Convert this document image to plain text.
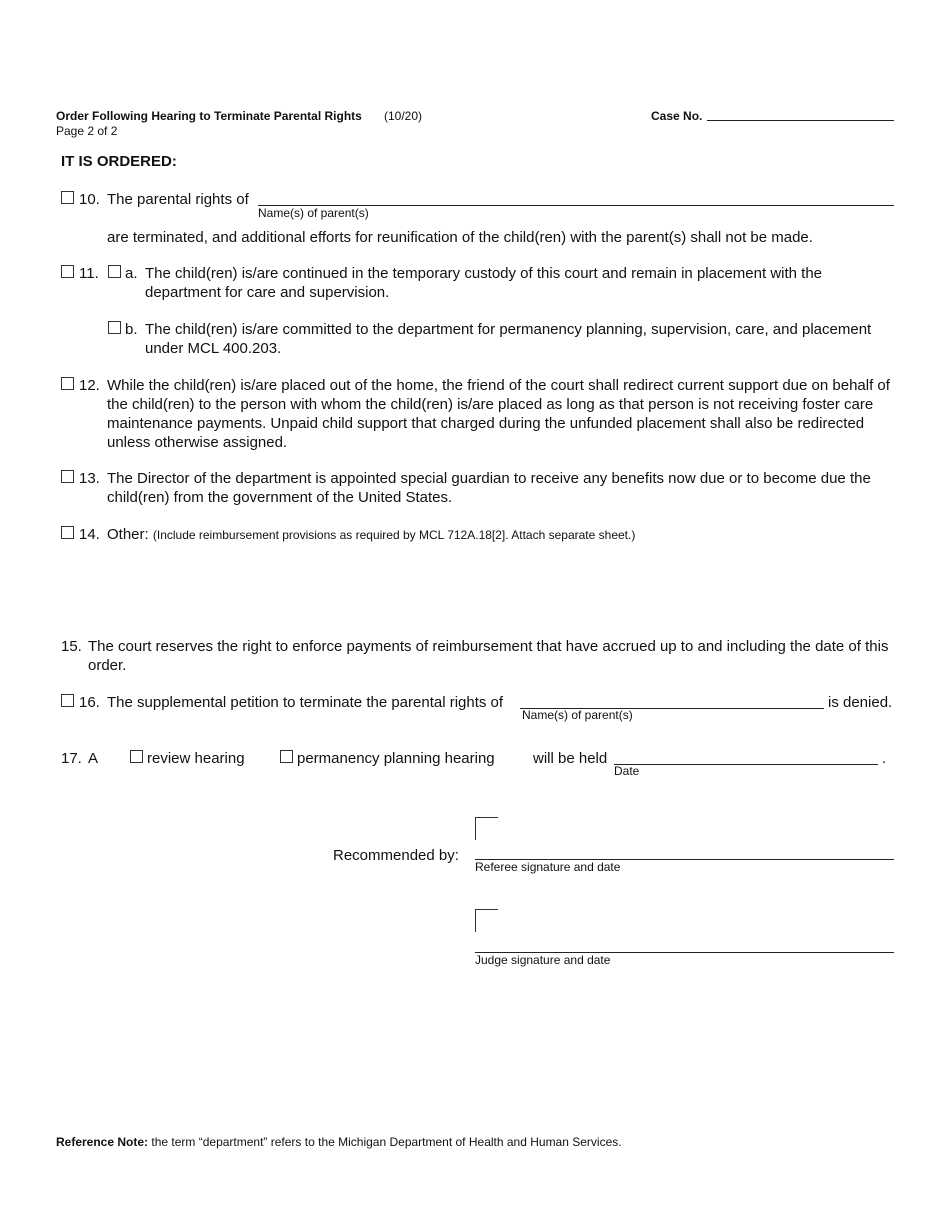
Order Following Hearing to Terminate Parental Rights (10/20)
Page 2 of 2
Case No.
IT IS ORDERED:
10. The parental rights of
Name(s) of parent(s)
are terminated, and additional efforts for reunification of the child(ren) with the parent(s) shall not be made.
11. a. The child(ren) is/are continued in the temporary custody of this court and remain in placement with the department for care and supervision.
b. The child(ren) is/are committed to the department for permanency planning, supervision, care, and placement under MCL 400.203.
12. While the child(ren) is/are placed out of the home, the friend of the court shall redirect current support due on behalf of the child(ren) to the person with whom the child(ren) is/are placed as long as that person is not receiving foster care maintenance payments. Unpaid child support that charged during the unfunded placement shall also be redirected unless otherwise assigned.
13. The Director of the department is appointed special guardian to receive any benefits now due or to become due the child(ren) from the government of the United States.
14. Other: (Include reimbursement provisions as required by MCL 712A.18[2]. Attach separate sheet.)
15. The court reserves the right to enforce payments of reimbursement that have accrued up to and including the date of this order.
16. The supplemental petition to terminate the parental rights of
Name(s) of parent(s)
is denied.
17. A	review hearing	permanency planning hearing	will be held
Date
.
Recommended by:
Referee signature and date
Judge signature and date
Reference Note: the term “department” refers to the Michigan Department of Health and Human Services.
